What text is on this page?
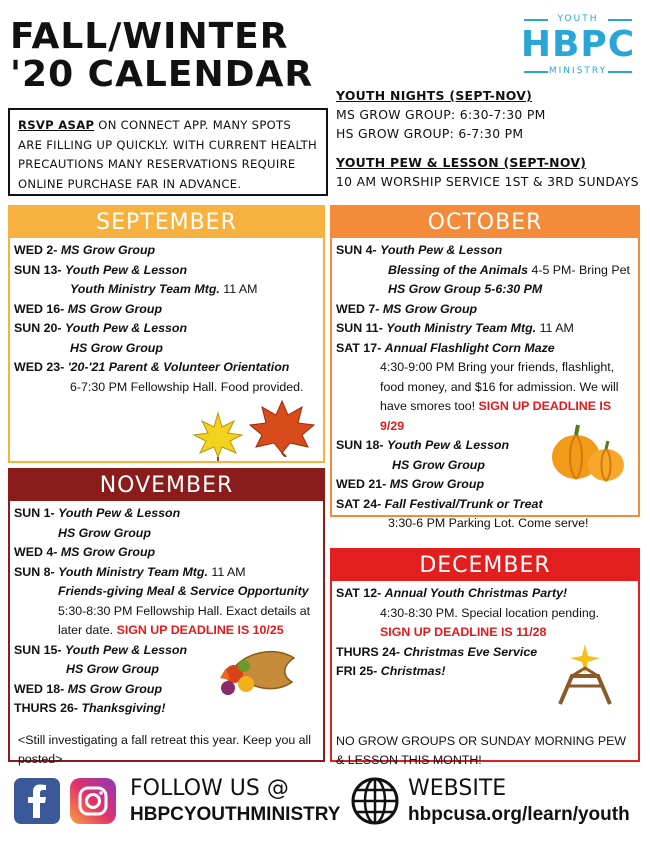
FALL/WINTER
'20 CALENDAR
YOUTH
HBPC
MINISTRY
RSVP ASAP ON CONNECT APP. MANY SPOTS ARE FILLING UP QUICKLY. WITH CURRENT HEALTH PRECAUTIONS MANY RESERVATIONS REQUIRE ONLINE PURCHASE FAR IN ADVANCE.
YOUTH NIGHTS (SEPT-NOV)
MS GROW GROUP: 6:30-7:30 PM
HS GROW GROUP: 6-7:30 PM
YOUTH PEW & LESSON (SEPT-NOV)
10 AM WORSHIP SERVICE 1ST & 3RD SUNDAYS
SEPTEMBER
WED 2- MS Grow Group
SUN 13- Youth Pew & Lesson
Youth Ministry Team Mtg. 11 AM
WED 16- MS Grow Group
SUN 20- Youth Pew & Lesson
HS Grow Group
WED 23- '20-'21 Parent & Volunteer Orientation
6-7:30 PM Fellowship Hall. Food provided.
OCTOBER
SUN 4- Youth Pew & Lesson
Blessing of the Animals 4-5 PM- Bring Pet
HS Grow Group 5-6:30 PM
WED 7- MS Grow Group
SUN 11- Youth Ministry Team Mtg. 11 AM
SAT 17- Annual Flashlight Corn Maze
4:30-9:00 PM Bring your friends, flashlight, food money, and $16 for admission. We will have smores too! SIGN UP DEADLINE IS 9/29
SUN 18- Youth Pew & Lesson
HS Grow Group
WED 21- MS Grow Group
SAT 24- Fall Festival/Trunk or Treat
3:30-6 PM Parking Lot. Come serve!
NOVEMBER
SUN 1- Youth Pew & Lesson
HS Grow Group
WED 4- MS Grow Group
SUN 8- Youth Ministry Team Mtg. 11 AM
Friends-giving Meal & Service Opportunity
5:30-8:30 PM Fellowship Hall. Exact details at later date. SIGN UP DEADLINE IS 10/25
SUN 15- Youth Pew & Lesson
HS Grow Group
WED 18- MS Grow Group
THURS 26- Thanksgiving!
<Still investigating a fall retreat this year. Keep you all posted>
DECEMBER
SAT 12- Annual Youth Christmas Party!
4:30-8:30 PM. Special location pending.
SIGN UP DEADLINE IS 11/28
THURS 24- Christmas Eve Service
FRI 25- Christmas!
NO GROW GROUPS OR SUNDAY MORNING PEW & LESSON THIS MONTH!
FOLLOW US @
HBPCYOUTHMINISTRY
WEBSITE
hbpcusa.org/learn/youth
